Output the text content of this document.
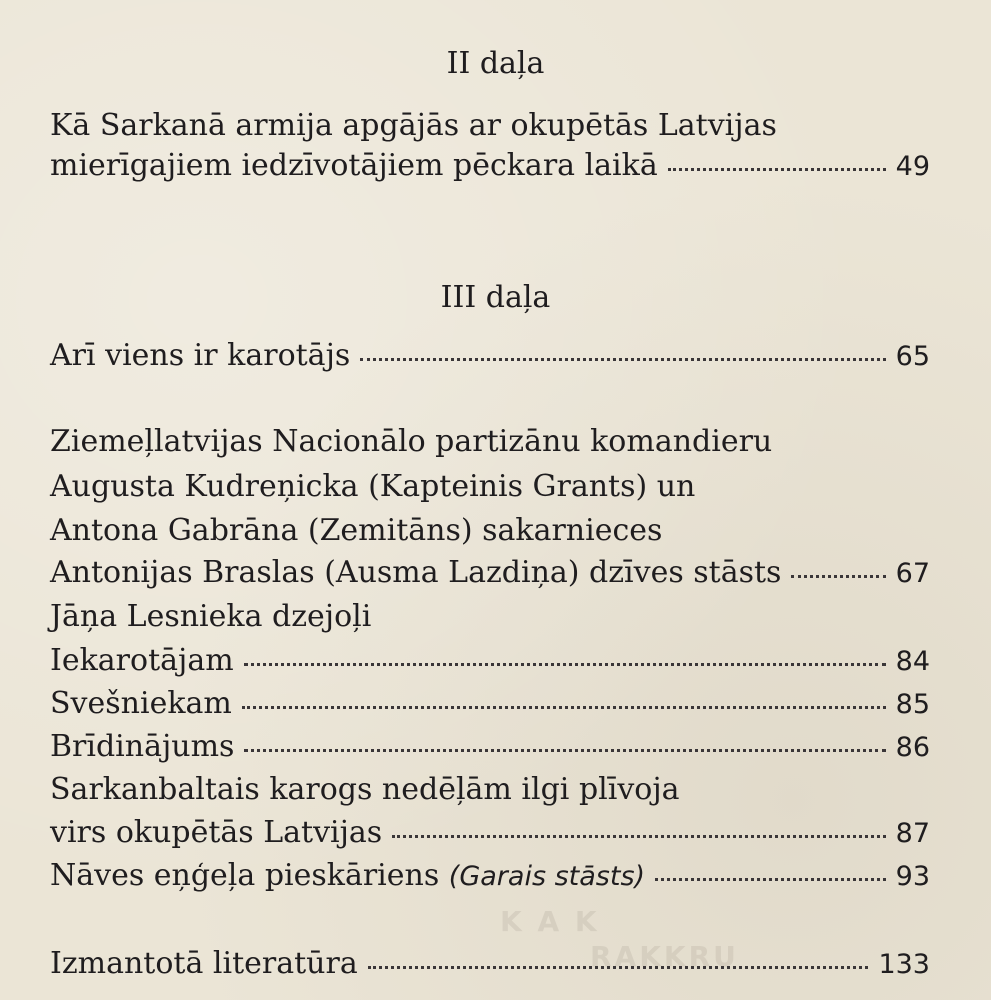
K A K
RAKKRU
II daļa
Kā Sarkanā armija apgājās ar okupētās Latvijas
mierīgajiem iedzīvotājiem pēckara laikā	49
III daļa
Arī viens ir karotājs	65
Ziemeļlatvijas Nacionālo partizānu komandieru
Augusta Kudreņicka (Kapteinis Grants) un
Antona Gabrāna (Zemitāns) sakarnieces
Antonijas Braslas (Ausma Lazdiņa) dzīves stāsts	67
Jāņa Lesnieka dzejoļi
Iekarotājam	84
Svešniekam	85
Brīdinājums	86
Sarkanbaltais karogs nedēļām ilgi plīvoja
virs okupētās Latvijas	87
Nāves eņģeļa pieskāriens (Garais stāsts)	93
Izmantotā literatūra	133
